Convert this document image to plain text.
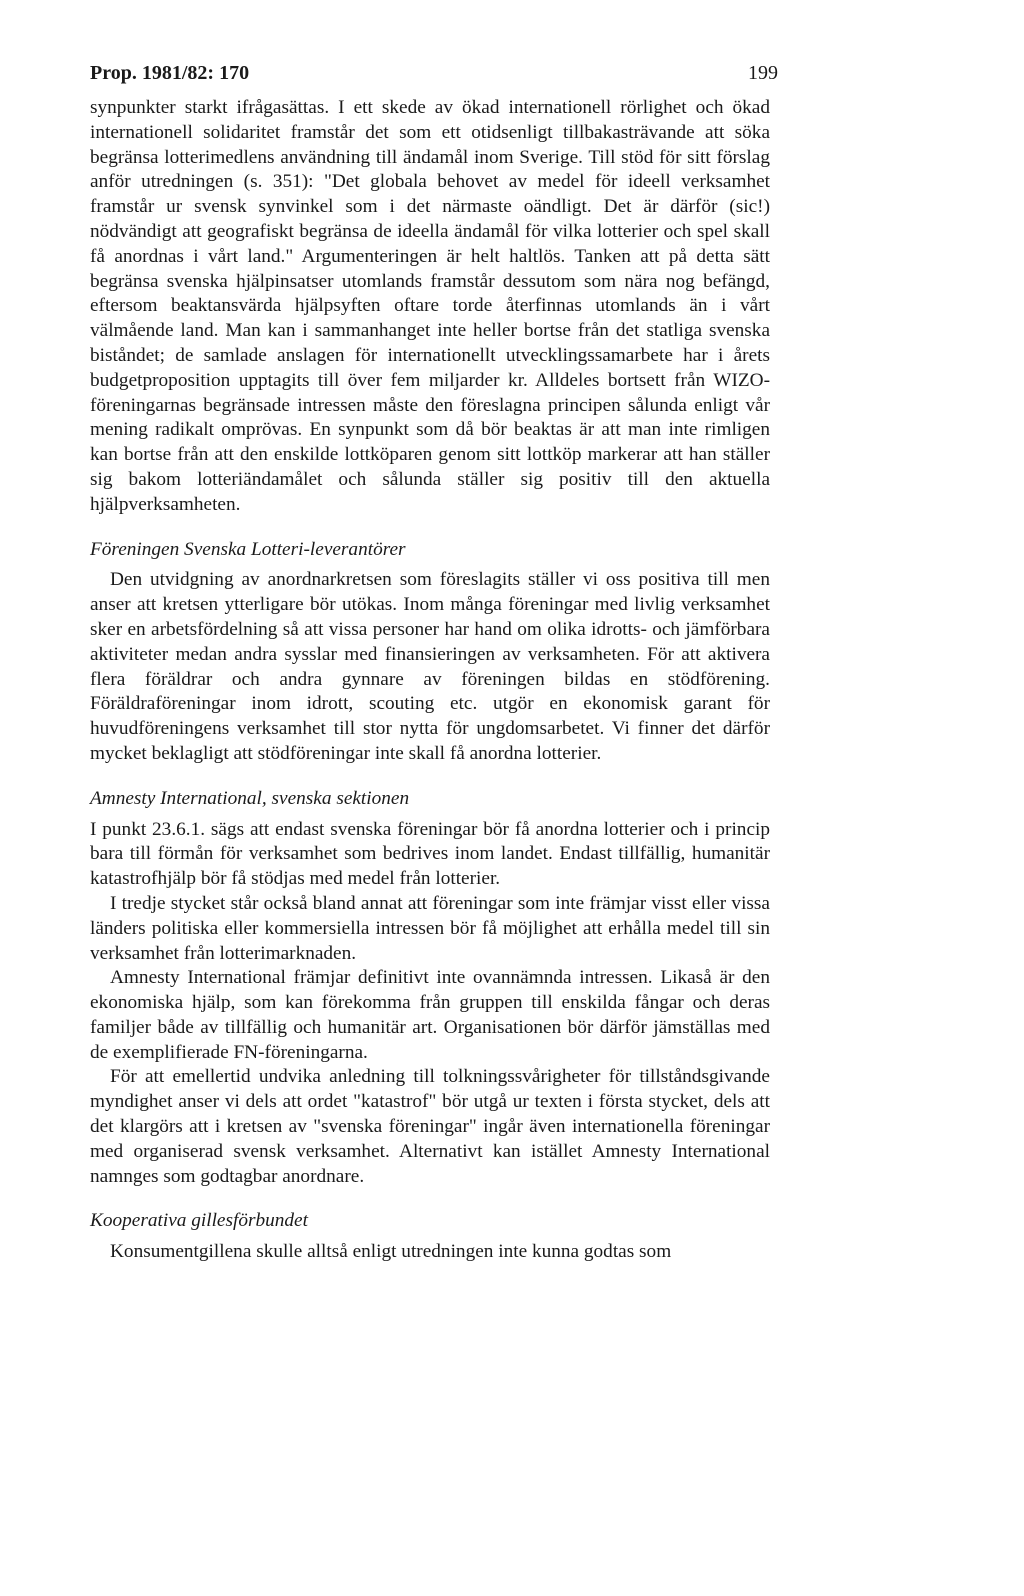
Prop. 1981/82: 170	199

synpunkter starkt ifrågasättas. I ett skede av ökad internationell rörlighet och ökad internationell solidaritet framstår det som ett otidsenligt tillbakasträvande att söka begränsa lotterimedlens användning till ändamål inom Sverige. Till stöd för sitt förslag anför utredningen (s. 351): "Det globala behovet av medel för ideell verksamhet framstår ur svensk synvinkel som i det närmaste oändligt. Det är därför (sic!) nödvändigt att geografiskt begränsa de ideella ändamål för vilka lotterier och spel skall få anordnas i vårt land." Argumenteringen är helt haltlös. Tanken att på detta sätt begränsa svenska hjälpinsatser utomlands framstår dessutom som nära nog befängd, eftersom beaktansvärda hjälpsyften oftare torde återfinnas utomlands än i vårt välmående land. Man kan i sammanhanget inte heller bortse från det statliga svenska biståndet; de samlade anslagen för internationellt utvecklingssamarbete har i årets budgetproposition upptagits till över fem miljarder kr. Alldeles bortsett från WIZO-föreningarnas begränsade intressen måste den föreslagna principen sålunda enligt vår mening radikalt omprövas. En synpunkt som då bör beaktas är att man inte rimligen kan bortse från att den enskilde lottköparen genom sitt lottköp markerar att han ställer sig bakom lotteriändamålet och sålunda ställer sig positiv till den aktuella hjälpverksamheten.

Föreningen Svenska Lotteri-leverantörer

Den utvidgning av anordnarkretsen som föreslagits ställer vi oss positiva till men anser att kretsen ytterligare bör utökas. Inom många föreningar med livlig verksamhet sker en arbetsfördelning så att vissa personer har hand om olika idrotts- och jämförbara aktiviteter medan andra sysslar med finansieringen av verksamheten. För att aktivera flera föräldrar och andra gynnare av föreningen bildas en stödförening. Föräldraföreningar inom idrott, scouting etc. utgör en ekonomisk garant för huvudföreningens verksamhet till stor nytta för ungdomsarbetet. Vi finner det därför mycket beklagligt att stödföreningar inte skall få anordna lotterier.

Amnesty International, svenska sektionen

I punkt 23.6.1. sägs att endast svenska föreningar bör få anordna lotterier och i princip bara till förmån för verksamhet som bedrives inom landet. Endast tillfällig, humanitär katastrofhjälp bör få stödjas med medel från lotterier.

I tredje stycket står också bland annat att föreningar som inte främjar visst eller vissa länders politiska eller kommersiella intressen bör få möjlighet att erhålla medel till sin verksamhet från lotterimarknaden.

Amnesty International främjar definitivt inte ovannämnda intressen. Likaså är den ekonomiska hjälp, som kan förekomma från gruppen till enskilda fångar och deras familjer både av tillfällig och humanitär art. Organisationen bör därför jämställas med de exemplifierade FN-föreningarna.

För att emellertid undvika anledning till tolkningssvårigheter för tillståndsgivande myndighet anser vi dels att ordet "katastrof" bör utgå ur texten i första stycket, dels att det klargörs att i kretsen av "svenska föreningar" ingår även internationella föreningar med organiserad svensk verksamhet. Alternativt kan istället Amnesty International namnges som godtagbar anordnare.

Kooperativa gillesförbundet

Konsumentgillena skulle alltså enligt utredningen inte kunna godtas som
